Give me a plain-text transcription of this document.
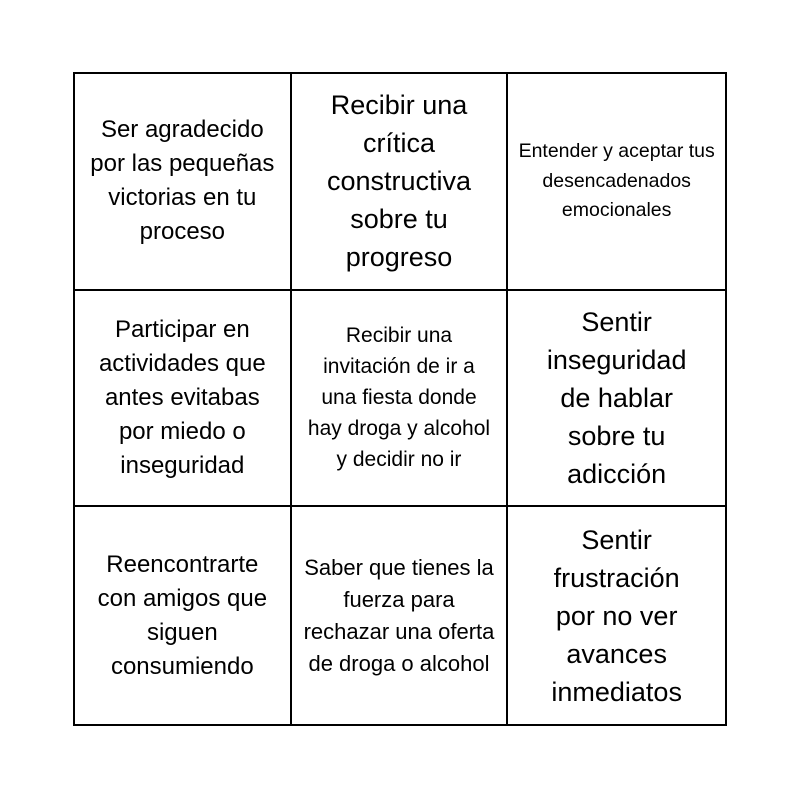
Ser agradecido por las pequeñas victorias en tu proceso
Recibir una crítica constructiva sobre tu progreso
Entender y aceptar tus desencadenados emocionales
Participar en actividades que antes evitabas por miedo o inseguridad
Recibir una invitación de ir a una fiesta donde hay droga y alcohol y decidir no ir
Sentir inseguridad de hablar sobre tu adicción
Reencontrarte con amigos que siguen consumiendo
Saber que tienes la fuerza para rechazar una oferta de droga o alcohol
Sentir frustración por no ver avances inmediatos
